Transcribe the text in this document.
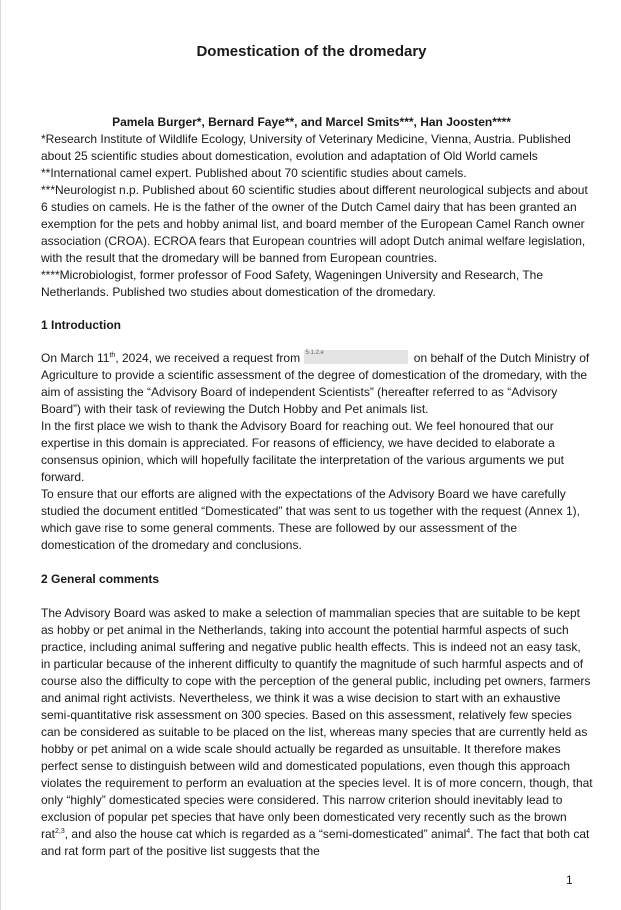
Domestication of the dromedary
Pamela Burger*, Bernard Faye**, and Marcel Smits***, Han Joosten****

*Research Institute of Wildlife Ecology, University of Veterinary Medicine, Vienna, Austria. Published about 25 scientific studies about domestication, evolution and adaptation of Old World camels

**International camel expert. Published about 70 scientific studies about camels.

***Neurologist n.p. Published about 60 scientific studies about different neurological subjects and about 6 studies on camels. He is the father of the owner of the Dutch Camel dairy that has been granted an exemption for the pets and hobby animal list, and board member of the European Camel Ranch owner association (CROA). ECROA fears that European countries will adopt Dutch animal welfare legislation, with the result that the dromedary will be banned from European countries.

****Microbiologist, former professor of Food Safety, Wageningen University and Research, The Netherlands. Published two studies about domestication of the dromedary.

1 Introduction

On March 11th, 2024, we received a request from 5.1.2.e	on behalf of the Dutch Ministry of Agriculture to provide a scientific assessment of the degree of domestication of the dromedary, with the aim of assisting the “Advisory Board of independent Scientists” (hereafter referred to as “Advisory Board”) with their task of reviewing the Dutch Hobby and Pet animals list.

In the first place we wish to thank the Advisory Board for reaching out. We feel honoured that our expertise in this domain is appreciated. For reasons of efficiency, we have decided to elaborate a consensus opinion, which will hopefully facilitate the interpretation of the various arguments we put forward.

To ensure that our efforts are aligned with the expectations of the Advisory Board we have carefully studied the document entitled “Domesticated” that was sent to us together with the request (Annex 1), which gave rise to some general comments. These are followed by our assessment of the domestication of the dromedary and conclusions.

2 General comments

The Advisory Board was asked to make a selection of mammalian species that are suitable to be kept as hobby or pet animal in the Netherlands, taking into account the potential harmful aspects of such practice, including animal suffering and negative public health effects. This is indeed not an easy task, in particular because of the inherent difficulty to quantify the magnitude of such harmful aspects and of course also the difficulty to cope with the perception of the general public, including pet owners, farmers and animal right activists. Nevertheless, we think it was a wise decision to start with an exhaustive semi-quantitative risk assessment on 300 species. Based on this assessment, relatively few species can be considered as suitable to be placed on the list, whereas many species that are currently held as hobby or pet animal on a wide scale should actually be regarded as unsuitable. It therefore makes perfect sense to distinguish between wild and domesticated populations, even though this approach violates the requirement to perform an evaluation at the species level. It is of more concern, though, that only “highly” domesticated species were considered. This narrow criterion should inevitably lead to exclusion of popular pet species that have only been domesticated very recently such as the brown rat$^{2,3}$, and also the house cat which is regarded as a “semi-domesticated” animal$^4$. The fact that both cat and rat form part of the positive list suggests that the

1
